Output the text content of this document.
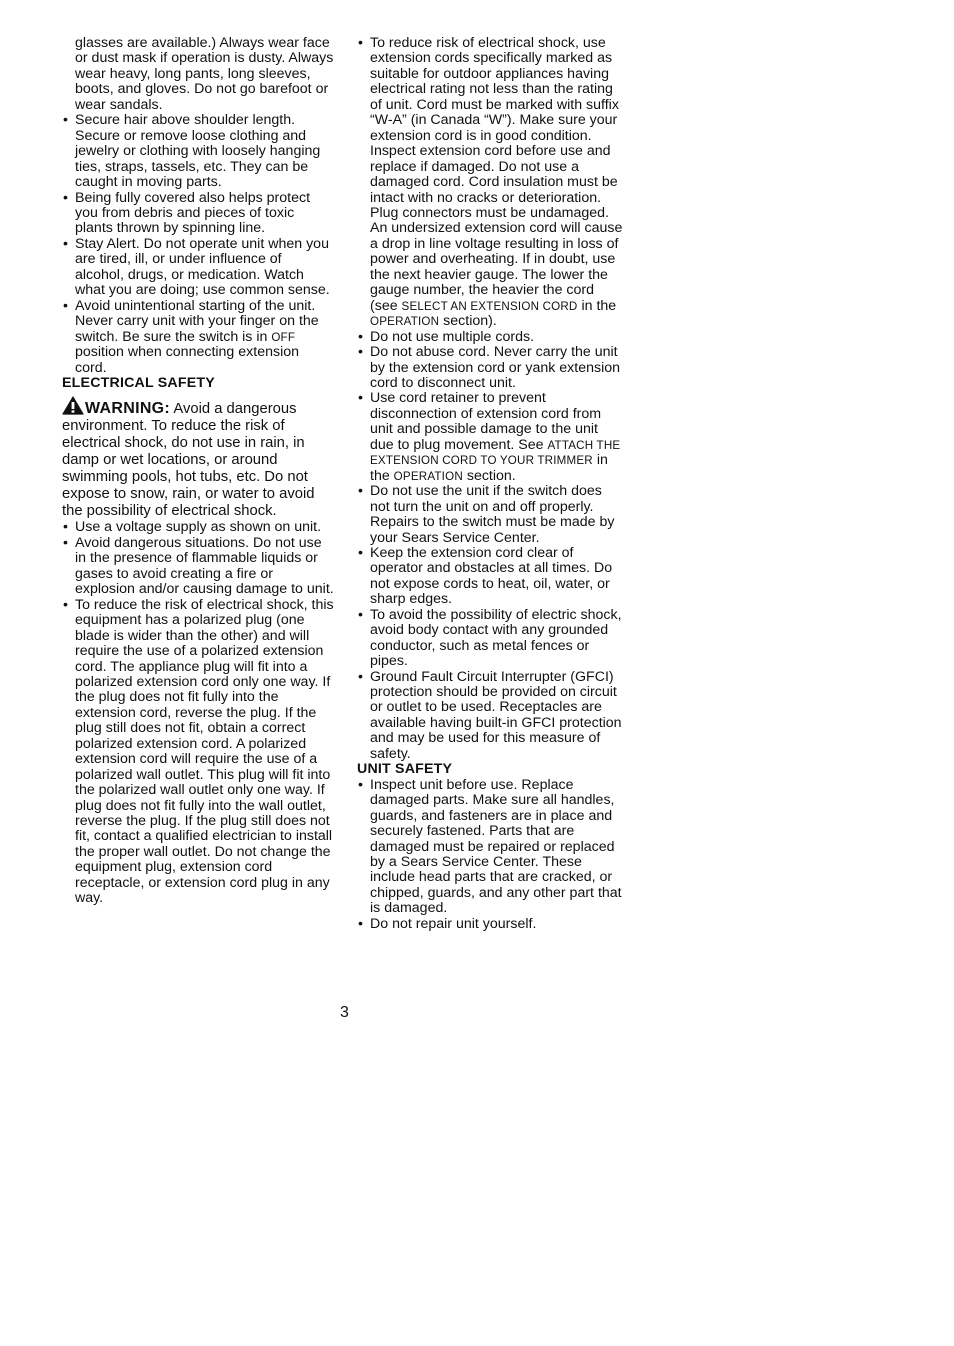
glasses are available.) Always wear face or dust mask if operation is dusty. Always wear heavy, long pants, long sleeves, boots, and gloves. Do not go barefoot or wear sandals.

• Secure hair above shoulder length. Secure or remove loose clothing and jewelry or clothing with loosely hanging ties, straps, tassels, etc. They can be caught in moving parts.

• Being fully covered also helps protect you from debris and pieces of toxic plants thrown by spinning line.

• Stay Alert. Do not operate unit when you are tired, ill, or under influence of alcohol, drugs, or medication. Watch what you are doing; use common sense.

• Avoid unintentional starting of the unit. Never carry unit with your finger on the switch. Be sure the switch is in OFF position when connecting extension cord.

ELECTRICAL SAFETY

WARNING: Avoid a dangerous environment. To reduce the risk of electrical shock, do not use in rain, in damp or wet locations, or around swimming pools, hot tubs, etc. Do not expose to snow, rain, or water to avoid the possibility of electrical shock.

• Use a voltage supply as shown on unit.

• Avoid dangerous situations. Do not use in the presence of flammable liquids or gases to avoid creating a fire or explosion and/or causing damage to unit.

• To reduce the risk of electrical shock, this equipment has a polarized plug (one blade is wider than the other) and will require the use of a polarized extension cord. The appliance plug will fit into a polarized extension cord only one way. If the plug does not fit fully into the extension cord, reverse the plug. If the plug still does not fit, obtain a correct polarized extension cord. A polarized extension cord will require the use of a polarized wall outlet. This plug will fit into the polarized wall outlet only one way. If plug does not fit fully into the wall outlet, reverse the plug. If the plug still does not fit, contact a qualified electrician to install the proper wall outlet. Do not change the equipment plug, extension cord receptacle, or extension cord plug in any way.

• To reduce risk of electrical shock, use extension cords specifically marked as suitable for outdoor appliances having electrical rating not less than the rating of unit. Cord must be marked with suffix “W-A” (in Canada “W”). Make sure your extension cord is in good condition. Inspect extension cord before use and replace if damaged. Do not use a damaged cord. Cord insulation must be intact with no cracks or deterioration. Plug connectors must be undamaged. An undersized extension cord will cause a drop in line voltage resulting in loss of power and overheating. If in doubt, use the next heavier gauge. The lower the gauge number, the heavier the cord (see SELECT AN EXTENSION CORD in the OPERATION section).

• Do not use multiple cords.

• Do not abuse cord. Never carry the unit by the extension cord or yank extension cord to disconnect unit.

• Use cord retainer to prevent disconnection of extension cord from unit and possible damage to the unit due to plug movement. See ATTACH THE EXTENSION CORD TO YOUR TRIMMER in the OPERATION section.

• Do not use the unit if the switch does not turn the unit on and off properly. Repairs to the switch must be made by your Sears Service Center.

• Keep the extension cord clear of operator and obstacles at all times. Do not expose cords to heat, oil, water, or sharp edges.

• To avoid the possibility of electric shock, avoid body contact with any grounded conductor, such as metal fences or pipes.

• Ground Fault Circuit Interrupter (GFCI) protection should be provided on circuit or outlet to be used. Receptacles are available having built-in GFCI protection and may be used for this measure of safety.

UNIT SAFETY

• Inspect unit before use. Replace damaged parts. Make sure all handles, guards, and fasteners are in place and securely fastened. Parts that are damaged must be repaired or replaced by a Sears Service Center. These include head parts that are cracked, or chipped, guards, and any other part that is damaged.

• Do not repair unit yourself.

3
